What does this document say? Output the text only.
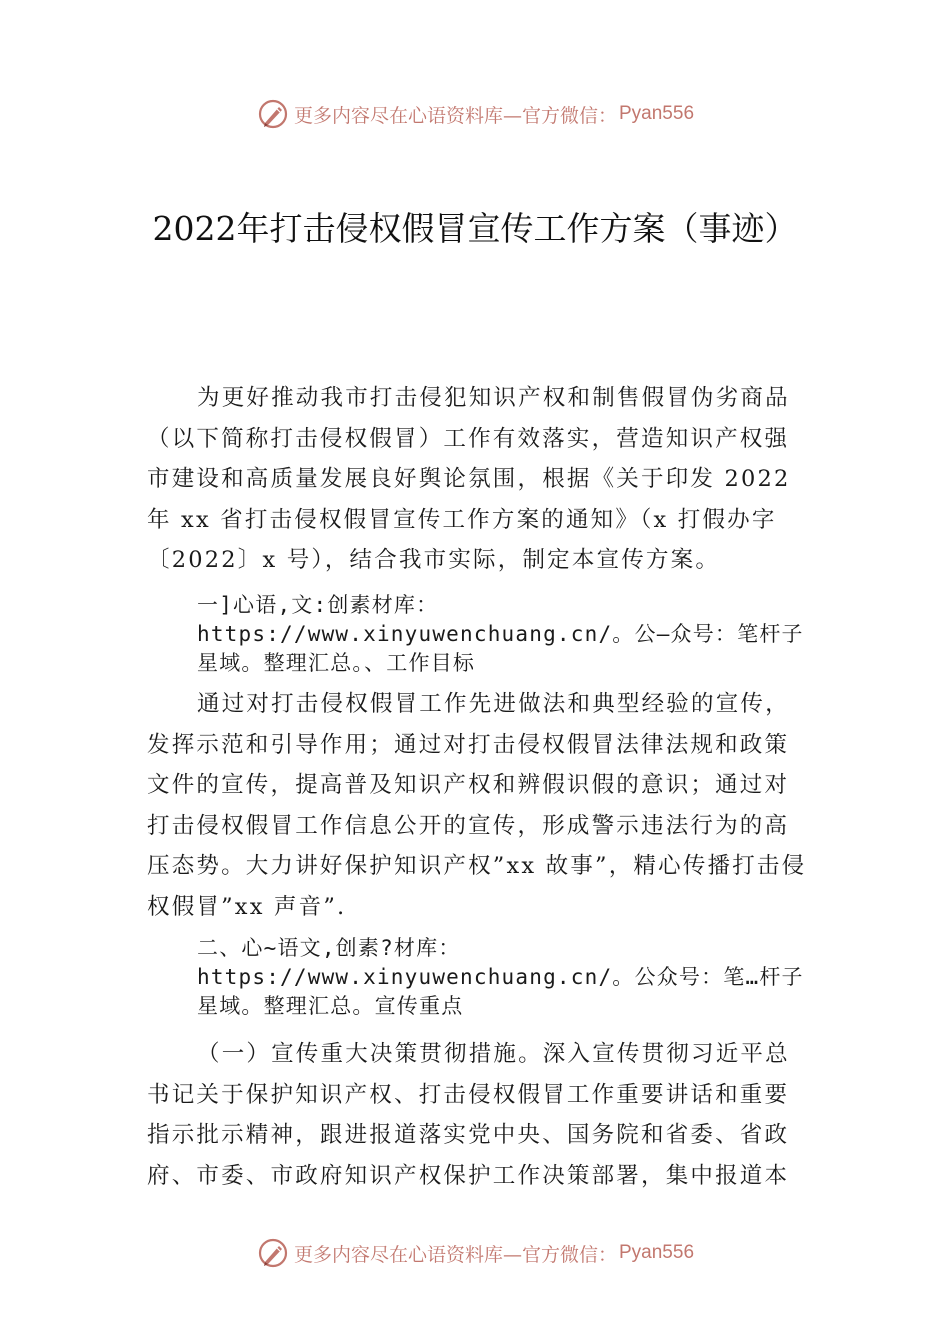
更多内容尽在心语资料库—官方微信： Pyan556
2022年打击侵权假冒宣传工作方案（事迹）

为更好推动我市打击侵犯知识产权和制售假冒伪劣商品（以下简称打击侵权假冒）工作有效落实，营造知识产权强市建设和高质量发展良好舆论氛围，根据《关于印发 2022 年 xx 省打击侵权假冒宣传工作方案的通知》（x 打假办字〔2022〕x 号），结合我市实际，制定本宣传方案。

一]心语,文:创素材库：https://www.xinyuwenchuang.cn/。公—众号：笔杆子星域。整理汇总。、工作目标

通过对打击侵权假冒工作先进做法和典型经验的宣传，发挥示范和引导作用；通过对打击侵权假冒法律法规和政策文件的宣传，提高普及知识产权和辨假识假的意识；通过对打击侵权假冒工作信息公开的宣传，形成警示违法行为的高压态势。大力讲好保护知识产权”xx 故事”，精心传播打击侵权假冒”xx 声音”.

二、心~语文,创素?材库：https://www.xinyuwenchuang.cn/。公众号：笔…杆子星域。整理汇总。宣传重点

（一）宣传重大决策贯彻措施。深入宣传贯彻习近平总书记关于保护知识产权、打击侵权假冒工作重要讲话和重要指示批示精神，跟进报道落实党中央、国务院和省委、省政府、市委、市政府知识产权保护工作决策部署，集中报道本

更多内容尽在心语资料库—官方微信： Pyan556
